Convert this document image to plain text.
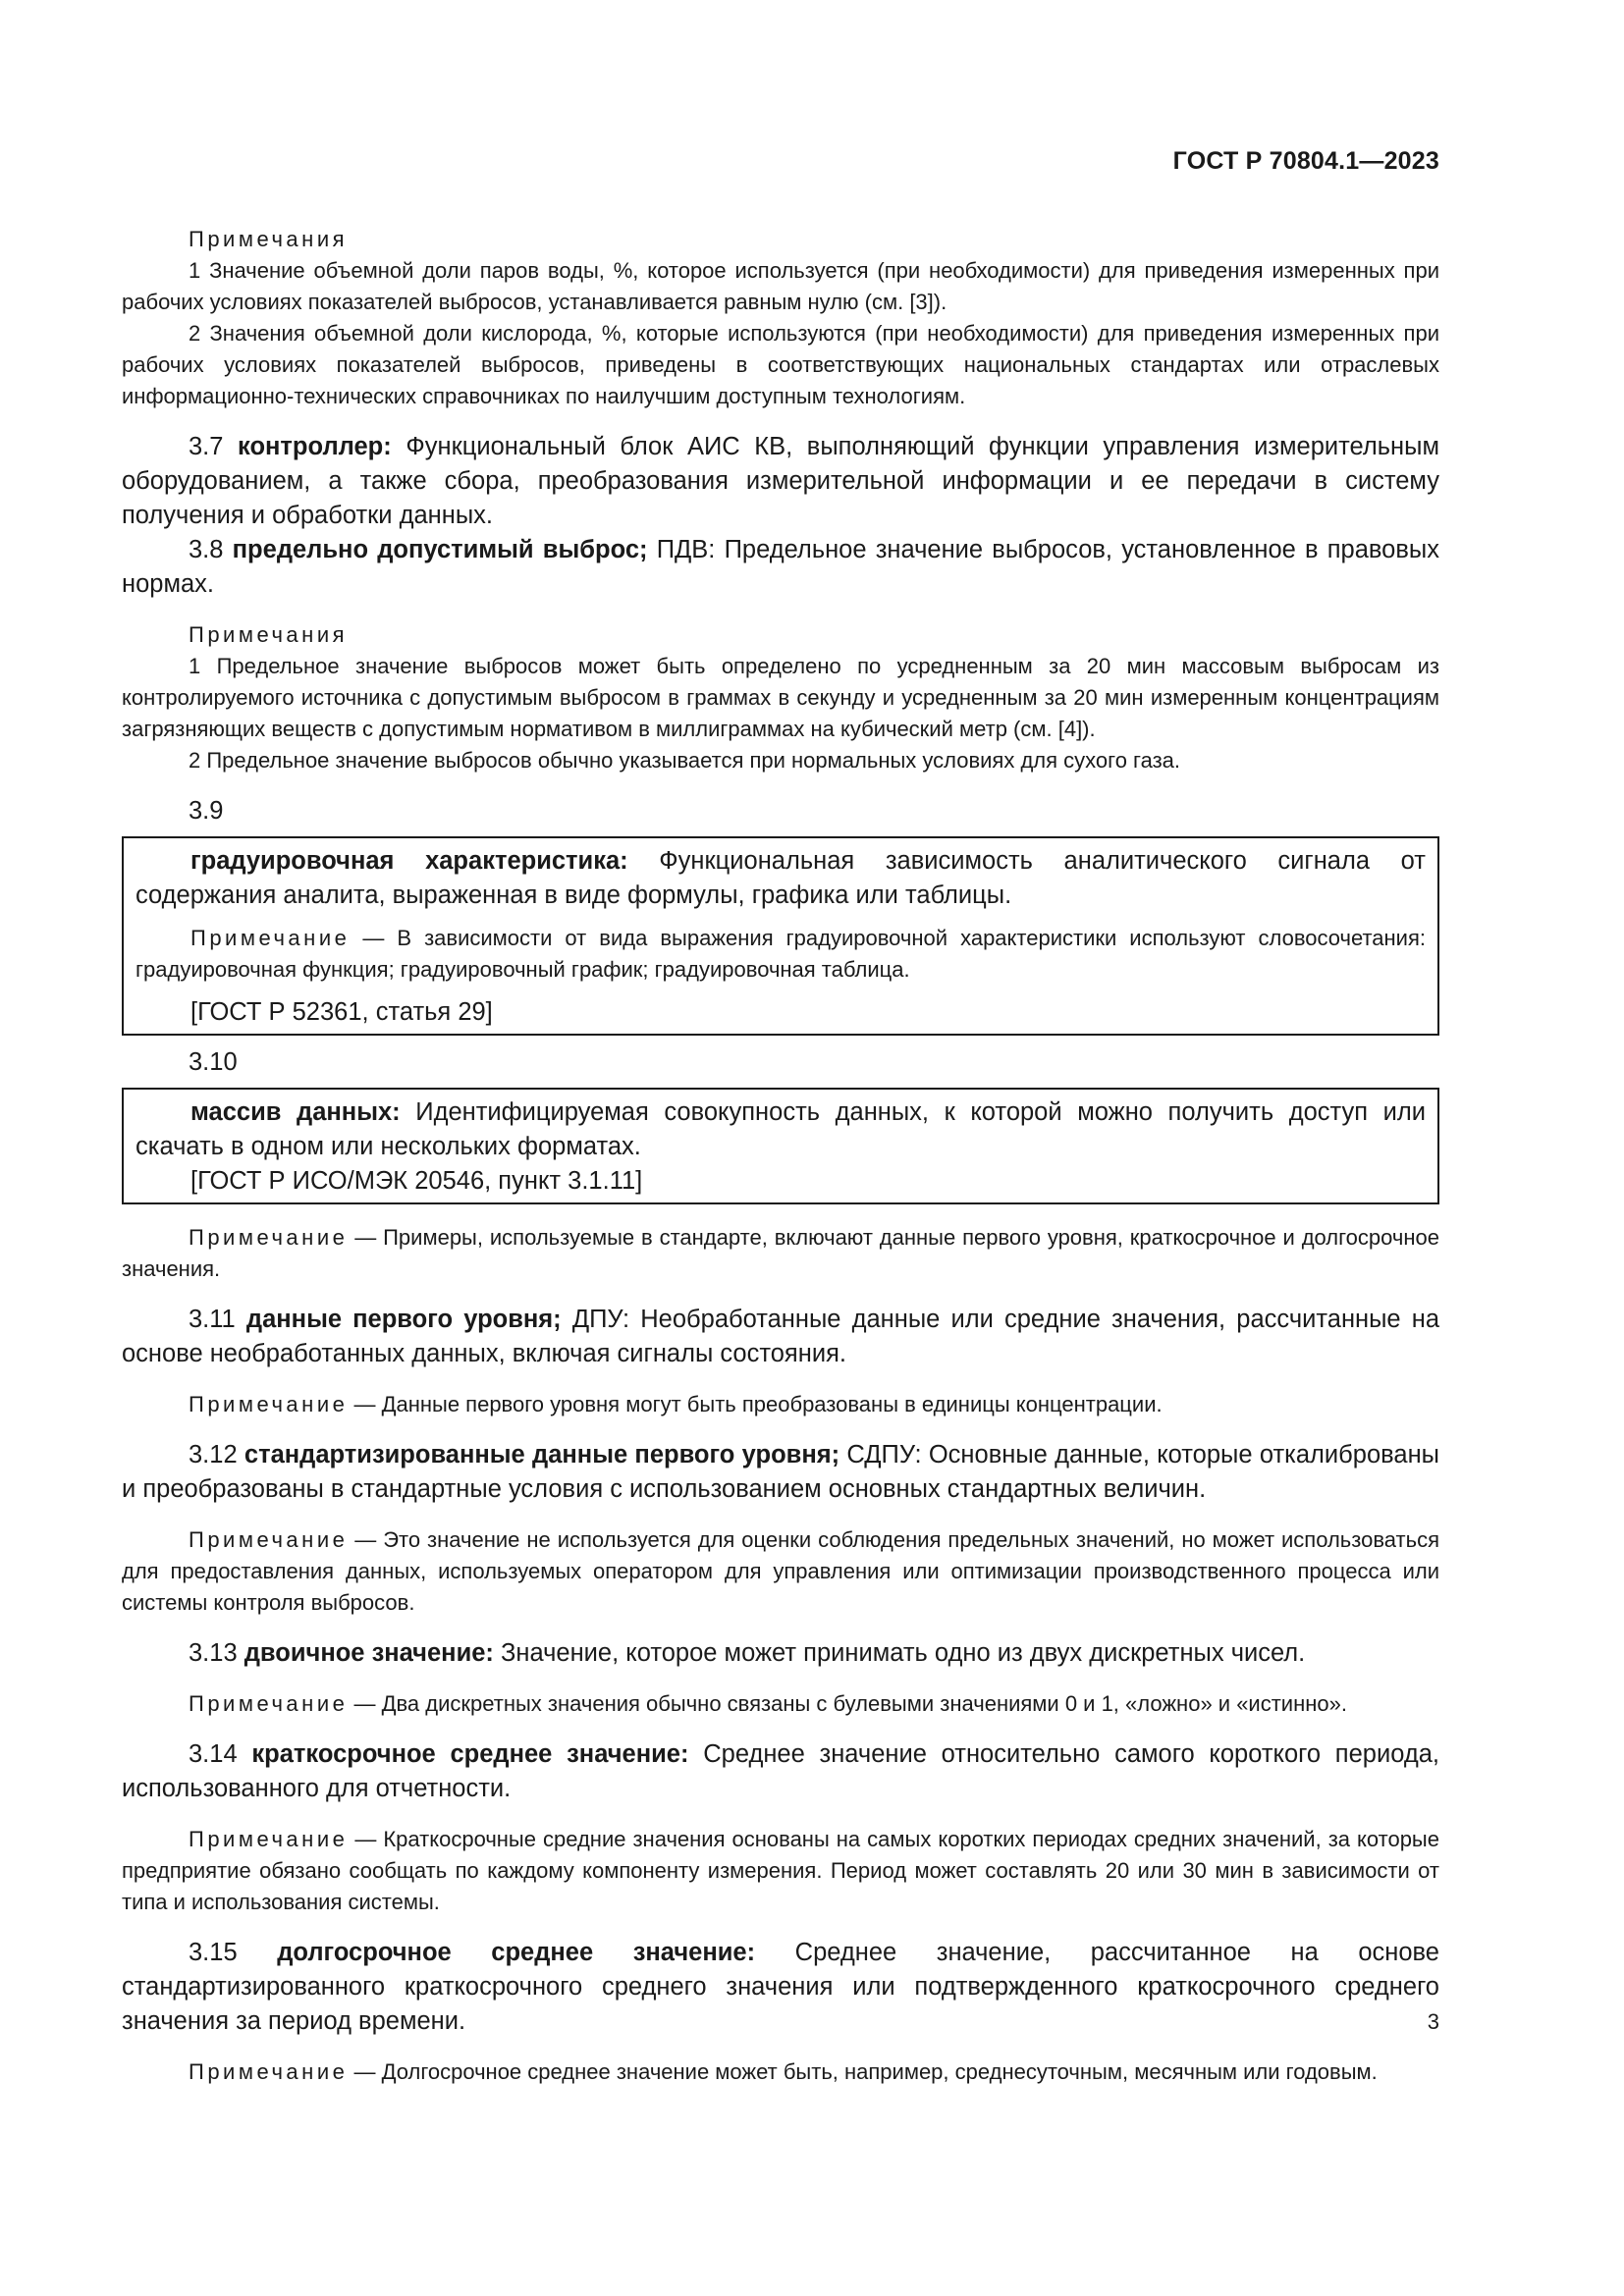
ГОСТ Р 70804.1—2023

Примечания

1 Значение объемной доли паров воды, %, которое используется (при необходимости) для приведения измеренных при рабочих условиях показателей выбросов, устанавливается равным нулю (см. [3]).

2 Значения объемной доли кислорода, %, которые используются (при необходимости) для приведения измеренных при рабочих условиях показателей выбросов, приведены в соответствующих национальных стандартах или отраслевых информационно-технических справочниках по наилучшим доступным технологиям.

3.7 контроллер: Функциональный блок АИС КВ, выполняющий функции управления измерительным оборудованием, а также сбора, преобразования измерительной информации и ее передачи в систему получения и обработки данных.

3.8 предельно допустимый выброс; ПДВ: Предельное значение выбросов, установленное в правовых нормах.

Примечания

1 Предельное значение выбросов может быть определено по усредненным за 20 мин массовым выбросам из контролируемого источника с допустимым выбросом в граммах в секунду и усредненным за 20 мин измеренным концентрациям загрязняющих веществ с допустимым нормативом в миллиграммах на кубический метр (см. [4]).

2 Предельное значение выбросов обычно указывается при нормальных условиях для сухого газа.

3.9

градуировочная характеристика: Функциональная зависимость аналитического сигнала от содержания аналита, выраженная в виде формулы, графика или таблицы.

Примечание — В зависимости от вида выражения градуировочной характеристики используют словосочетания: градуировочная функция; градуировочный график; градуировочная таблица.

[ГОСТ Р 52361, статья 29]

3.10

массив данных: Идентифицируемая совокупность данных, к которой можно получить доступ или скачать в одном или нескольких форматах.

[ГОСТ Р ИСО/МЭК 20546, пункт 3.1.11]

Примечание — Примеры, используемые в стандарте, включают данные первого уровня, краткосрочное и долгосрочное значения.

3.11 данные первого уровня; ДПУ: Необработанные данные или средние значения, рассчитанные на основе необработанных данных, включая сигналы состояния.

Примечание — Данные первого уровня могут быть преобразованы в единицы концентрации.

3.12 стандартизированные данные первого уровня; СДПУ: Основные данные, которые откалиброваны и преобразованы в стандартные условия с использованием основных стандартных величин.

Примечание — Это значение не используется для оценки соблюдения предельных значений, но может использоваться для предоставления данных, используемых оператором для управления или оптимизации производственного процесса или системы контроля выбросов.

3.13 двоичное значение: Значение, которое может принимать одно из двух дискретных чисел.

Примечание — Два дискретных значения обычно связаны с булевыми значениями 0 и 1, «ложно» и «истинно».

3.14 краткосрочное среднее значение: Среднее значение относительно самого короткого периода, использованного для отчетности.

Примечание — Краткосрочные средние значения основаны на самых коротких периодах средних значений, за которые предприятие обязано сообщать по каждому компоненту измерения. Период может составлять 20 или 30 мин в зависимости от типа и использования системы.

3.15 долгосрочное среднее значение: Среднее значение, рассчитанное на основе стандартизированного краткосрочного среднего значения или подтвержденного краткосрочного среднего значения за период времени.

Примечание — Долгосрочное среднее значение может быть, например, среднесуточным, месячным или годовым.

3
